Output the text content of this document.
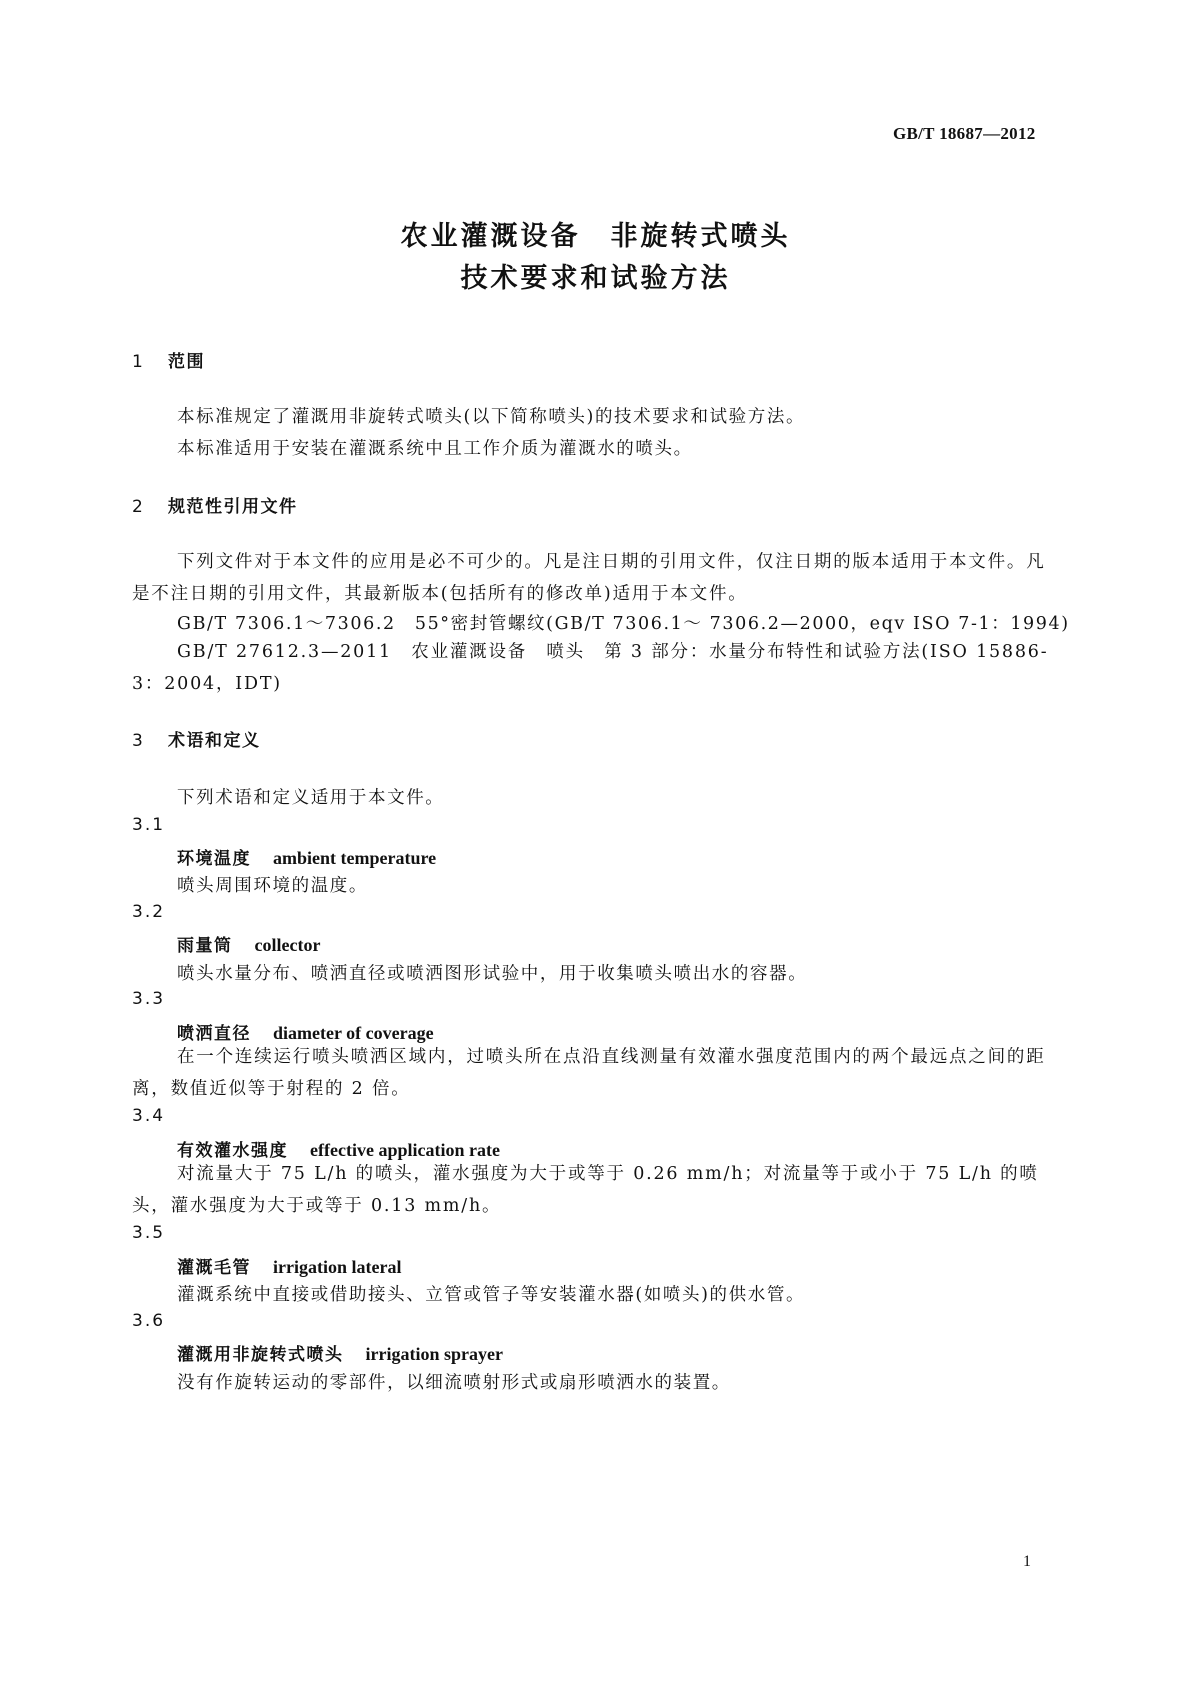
GB/T 18687—2012
农业灌溉设备　非旋转式喷头
技术要求和试验方法
1 范围
本标准规定了灌溉用非旋转式喷头(以下简称喷头)的技术要求和试验方法。
本标准适用于安装在灌溉系统中且工作介质为灌溉水的喷头。
2 规范性引用文件
下列文件对于本文件的应用是必不可少的。凡是注日期的引用文件，仅注日期的版本适用于本文件。凡是不注日期的引用文件，其最新版本(包括所有的修改单)适用于本文件。
GB/T 7306.1～7306.2　55°密封管螺纹(GB/T 7306.1～ 7306.2—2000，eqv ISO 7-1：1994)
GB/T 27612.3—2011　农业灌溉设备　喷头　第 3 部分：水量分布特性和试验方法(ISO 15886-3：2004，IDT)
3 术语和定义
下列术语和定义适用于本文件。
3.1
环境温度 ambient temperature
喷头周围环境的温度。
3.2
雨量筒 collector
喷头水量分布、喷洒直径或喷洒图形试验中，用于收集喷头喷出水的容器。
3.3
喷洒直径 diameter of coverage
在一个连续运行喷头喷洒区域内，过喷头所在点沿直线测量有效灌水强度范围内的两个最远点之间的距离，数值近似等于射程的 2 倍。
3.4
有效灌水强度 effective application rate
对流量大于 75 L/h 的喷头，灌水强度为大于或等于 0.26 mm/h；对流量等于或小于 75 L/h 的喷头，灌水强度为大于或等于 0.13 mm/h。
3.5
灌溉毛管 irrigation lateral
灌溉系统中直接或借助接头、立管或管子等安装灌水器(如喷头)的供水管。
3.6
灌溉用非旋转式喷头 irrigation sprayer
没有作旋转运动的零部件，以细流喷射形式或扇形喷洒水的装置。
1
